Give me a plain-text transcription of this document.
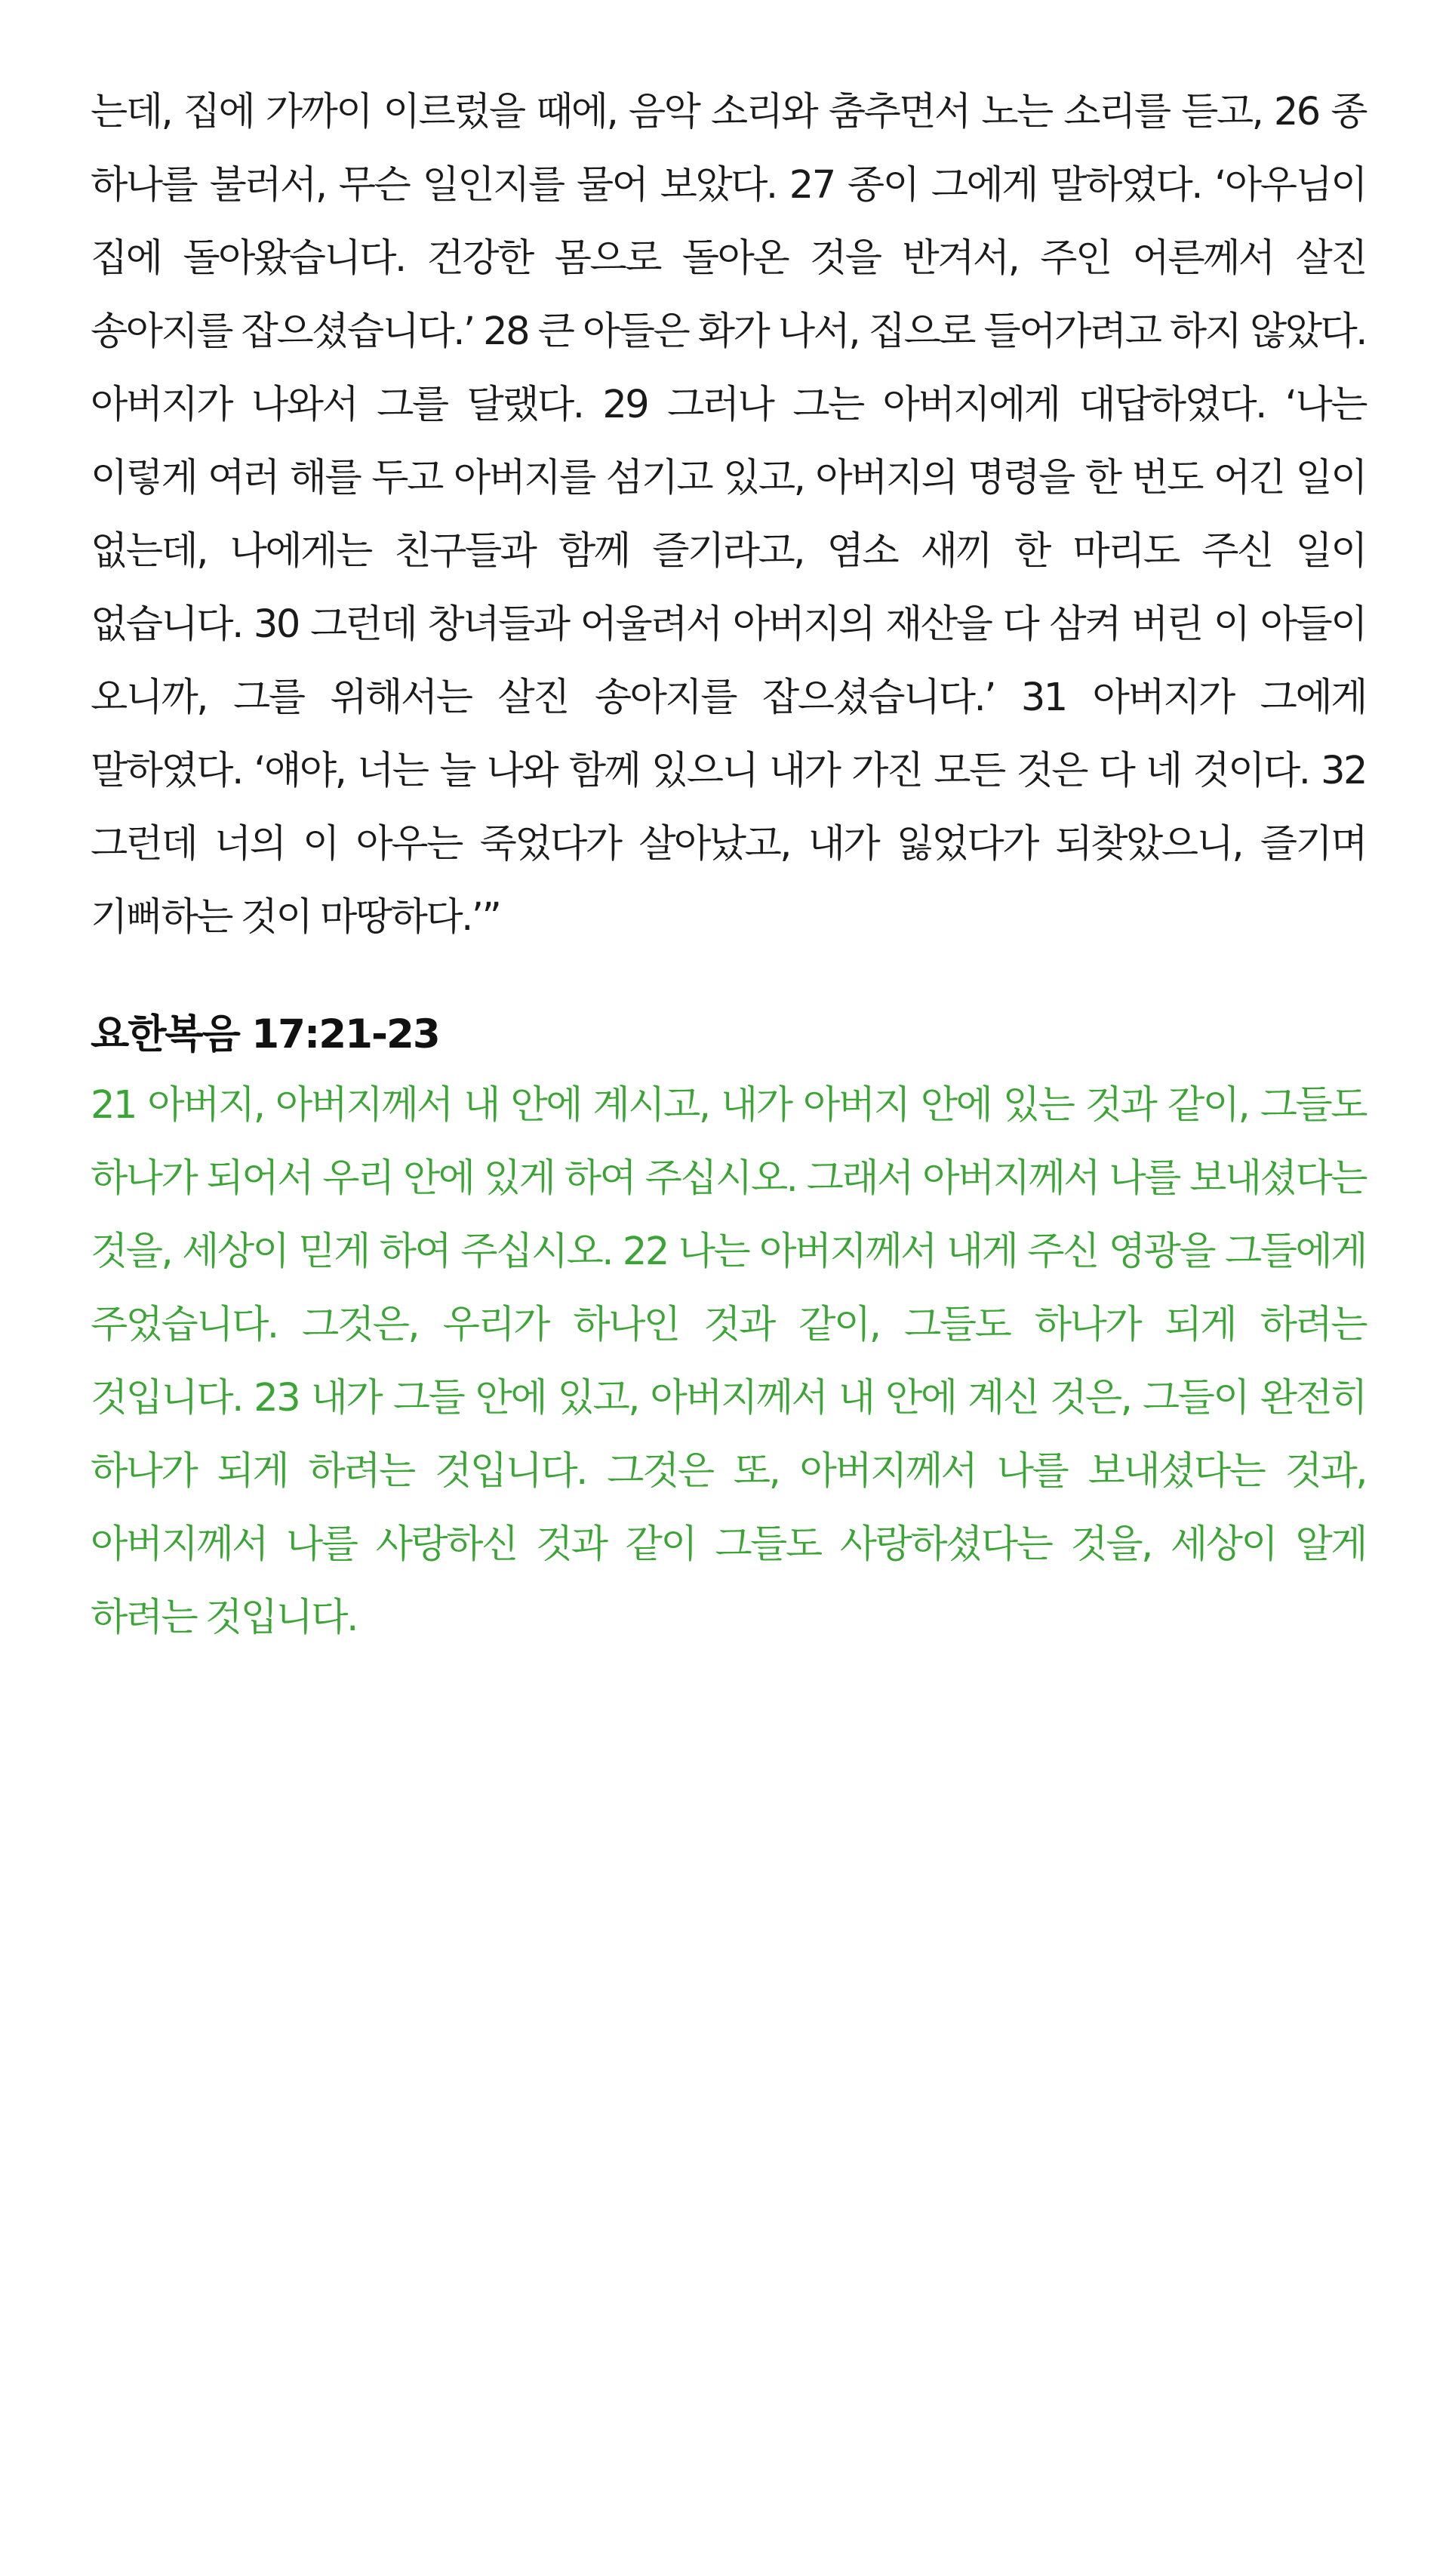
는데, 집에 가까이 이르렀을 때에, 음악 소리와 춤추면서 노는 소리를 듣고, 26 종 하나를 불러서, 무슨 일인지를 물어 보았다. 27 종이 그에게 말하였다. ‘아우님이 집에 돌아왔습니다. 건강한 몸으로 돌아온 것을 반겨서, 주인 어른께서 살진 송아지를 잡으셨습니다.’ 28 큰 아들은 화가 나서, 집으로 들어가려고 하지 않았다. 아버지가 나와서 그를 달랬다. 29 그러나 그는 아버지에게 대답하였다. ‘나는 이렇게 여러 해를 두고 아버지를 섬기고 있고, 아버지의 명령을 한 번도 어긴 일이 없는데, 나에게는 친구들과 함께 즐기라고, 염소 새끼 한 마리도 주신 일이 없습니다. 30 그런데 창녀들과 어울려서 아버지의 재산을 다 삼켜 버린 이 아들이 오니까, 그를 위해서는 살진 송아지를 잡으셨습니다.’ 31 아버지가 그에게 말하였다. ‘얘야, 너는 늘 나와 함께 있으니 내가 가진 모든 것은 다 네 것이다. 32 그런데 너의 이 아우는 죽었다가 살아났고, 내가 잃었다가 되찾았으니, 즐기며 기뻐하는 것이 마땅하다.’”

요한복음 17:21-23

21 아버지, 아버지께서 내 안에 계시고, 내가 아버지 안에 있는 것과 같이, 그들도 하나가 되어서 우리 안에 있게 하여 주십시오. 그래서 아버지께서 나를 보내셨다는 것을, 세상이 믿게 하여 주십시오. 22 나는 아버지께서 내게 주신 영광을 그들에게 주었습니다. 그것은, 우리가 하나인 것과 같이, 그들도 하나가 되게 하려는 것입니다. 23 내가 그들 안에 있고, 아버지께서 내 안에 계신 것은, 그들이 완전히 하나가 되게 하려는 것입니다. 그것은 또, 아버지께서 나를 보내셨다는 것과, 아버지께서 나를 사랑하신 것과 같이 그들도 사랑하셨다는 것을, 세상이 알게 하려는 것입니다.
